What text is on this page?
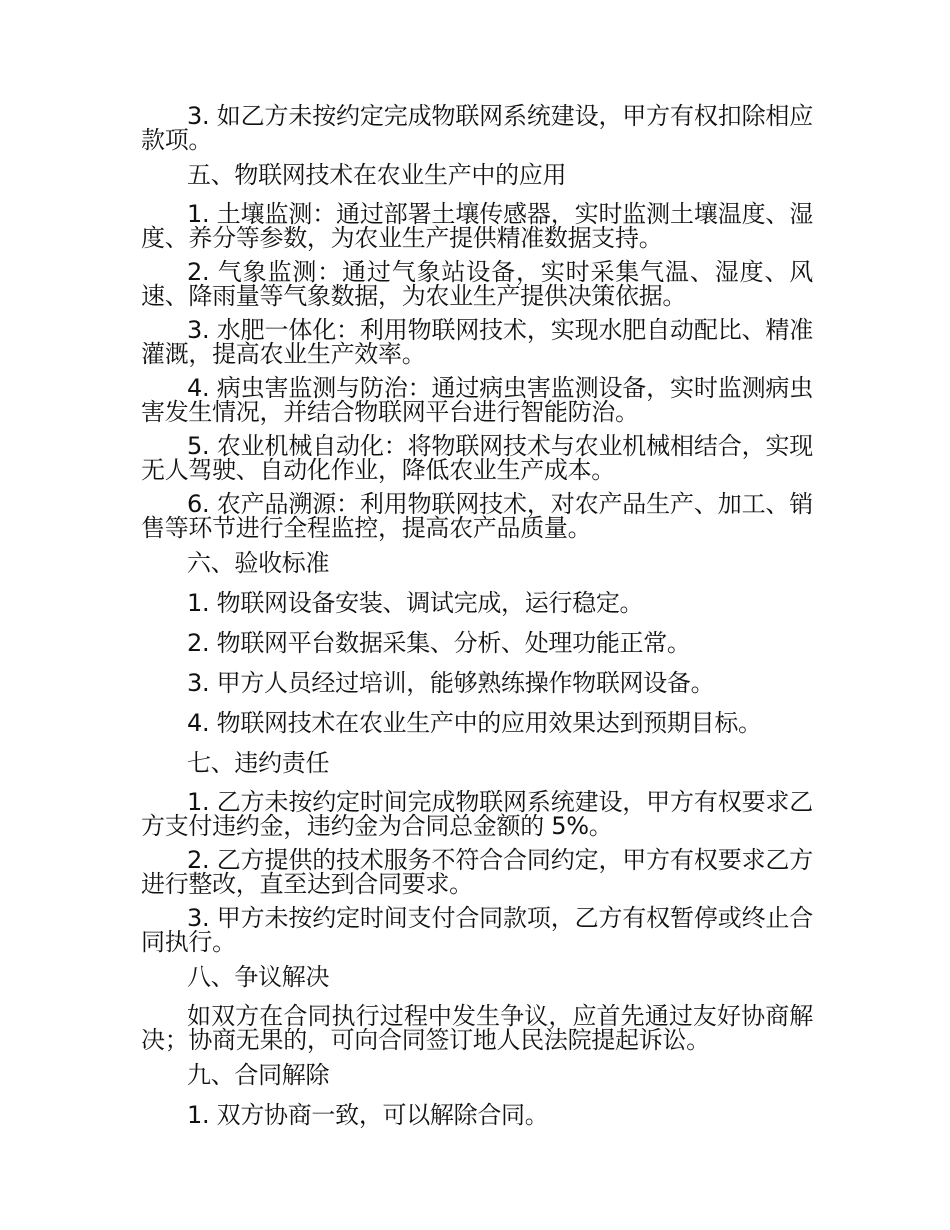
3. 如乙方未按约定完成物联网系统建设，甲方有权扣除相应款项。

五、物联网技术在农业生产中的应用

1. 土壤监测：通过部署土壤传感器，实时监测土壤温度、湿度、养分等参数，为农业生产提供精准数据支持。

2. 气象监测：通过气象站设备，实时采集气温、湿度、风速、降雨量等气象数据，为农业生产提供决策依据。

3. 水肥一体化：利用物联网技术，实现水肥自动配比、精准灌溉，提高农业生产效率。

4. 病虫害监测与防治：通过病虫害监测设备，实时监测病虫害发生情况，并结合物联网平台进行智能防治。

5. 农业机械自动化：将物联网技术与农业机械相结合，实现无人驾驶、自动化作业，降低农业生产成本。

6. 农产品溯源：利用物联网技术，对农产品生产、加工、销售等环节进行全程监控，提高农产品质量。

六、验收标准

1. 物联网设备安装、调试完成，运行稳定。

2. 物联网平台数据采集、分析、处理功能正常。

3. 甲方人员经过培训，能够熟练操作物联网设备。

4. 物联网技术在农业生产中的应用效果达到预期目标。

七、违约责任

1. 乙方未按约定时间完成物联网系统建设，甲方有权要求乙方支付违约金，违约金为合同总金额的 5%。

2. 乙方提供的技术服务不符合合同约定，甲方有权要求乙方进行整改，直至达到合同要求。

3. 甲方未按约定时间支付合同款项，乙方有权暂停或终止合同执行。

八、争议解决

如双方在合同执行过程中发生争议，应首先通过友好协商解决；协商无果的，可向合同签订地人民法院提起诉讼。

九、合同解除

1. 双方协商一致，可以解除合同。
